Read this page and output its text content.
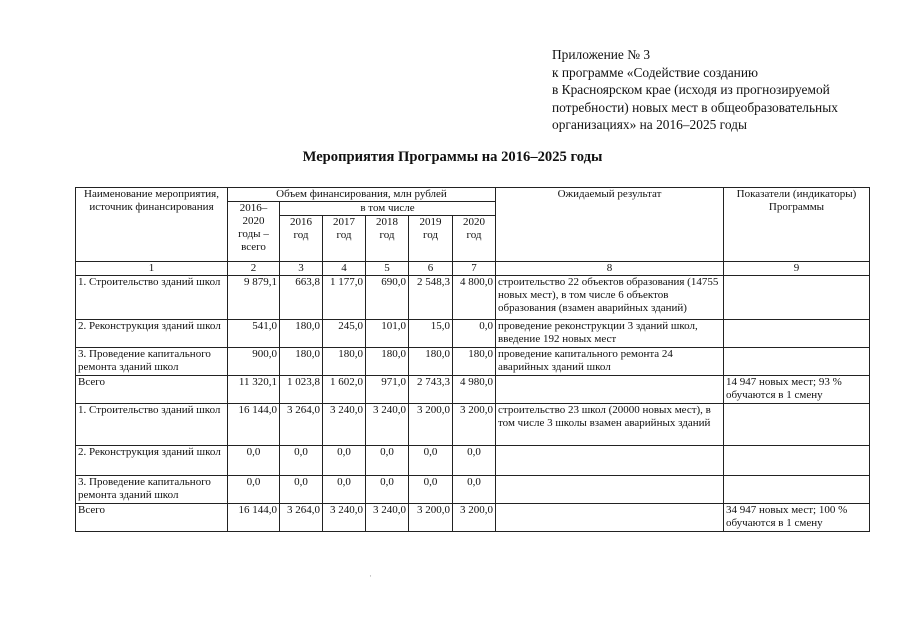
Приложение № 3
к программе «Содействие созданию
в Красноярском крае (исходя из прогнозируемой
потребности) новых мест в общеобразовательных
организациях» на 2016–2025 годы
Мероприятия Программы на 2016–2025 годы
Наименование мероприятия, источник финансирования	Объем финансирования, млн рублей						Ожидаемый результат	Показатели (индикаторы) Программы
	2016–2020 годы – всего	в том числе						
		2016 год	2017 год	2018 год	2019 год	2020 год		
1	2	3	4	5	6	7	8	9
1. Строительство зданий школ	9 879,1	663,8	1 177,0	690,0	2 548,3	4 800,0	строительство 22 объектов образования (14755 новых мест), в том числе 6 объектов образования (взамен аварийных зданий)	
2. Реконструкция зданий школ	541,0	180,0	245,0	101,0	15,0	0,0	проведение реконструкции 3 зданий школ, введение 192 новых мест	
3. Проведение капитального ремонта зданий школ	900,0	180,0	180,0	180,0	180,0	180,0	проведение капитального ремонта 24 аварийных зданий школ	
Всего	11 320,1	1 023,8	1 602,0	971,0	2 743,3	4 980,0		14 947 новых мест; 93 % обучаются в 1 смену
1. Строительство зданий школ	16 144,0	3 264,0	3 240,0	3 240,0	3 200,0	3 200,0	строительство 23 школ (20000 новых мест), в том числе 3 школы взамен аварийных зданий	
2. Реконструкция зданий школ	0,0	0,0	0,0	0,0	0,0	0,0		
3. Проведение капитального ремонта зданий школ	0,0	0,0	0,0	0,0	0,0	0,0		
Всего	16 144,0	3 264,0	3 240,0	3 240,0	3 200,0	3 200,0		34 947 новых мест; 100 % обучаются в 1 смену
·
